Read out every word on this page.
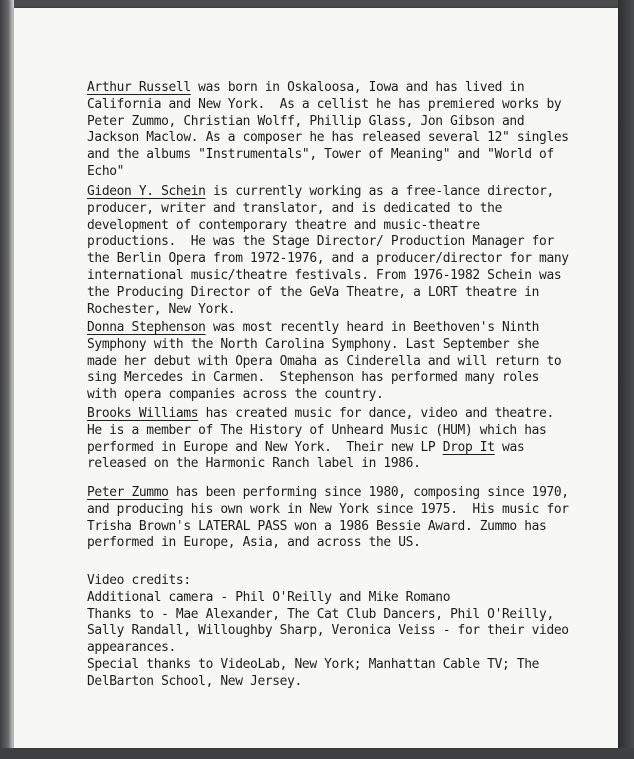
Arthur Russell was born in Oskaloosa, Iowa and has lived in
California and New York.  As a cellist he has premiered works by
Peter Zummo, Christian Wolff, Phillip Glass, Jon Gibson and
Jackson Maclow. As a composer he has released several 12" singles
and the albums "Instrumentals", Tower of Meaning" and "World of
Echo"
Gideon Y. Schein is currently working as a free-lance director,
producer, writer and translator, and is dedicated to the
development of contemporary theatre and music-theatre
productions.  He was the Stage Director/ Production Manager for
the Berlin Opera from 1972-1976, and a producer/director for many
international music/theatre festivals. From 1976-1982 Schein was
the Producing Director of the GeVa Theatre, a LORT theatre in
Rochester, New York.
Donna Stephenson was most recently heard in Beethoven's Ninth
Symphony with the North Carolina Symphony. Last September she
made her debut with Opera Omaha as Cinderella and will return to
sing Mercedes in Carmen.  Stephenson has performed many roles
with opera companies across the country.
Brooks Williams has created music for dance, video and theatre.
He is a member of The History of Unheard Music (HUM) which has
performed in Europe and New York.  Their new LP Drop It was
released on the Harmonic Ranch label in 1986.
Peter Zummo has been performing since 1980, composing since 1970,
and producing his own work in New York since 1975.  His music for
Trisha Brown's LATERAL PASS won a 1986 Bessie Award. Zummo has
performed in Europe, Asia, and across the US.
Video credits:
Additional camera - Phil O'Reilly and Mike Romano
Thanks to - Mae Alexander, The Cat Club Dancers, Phil O'Reilly,
Sally Randall, Willoughby Sharp, Veronica Veiss - for their video
appearances.
Special thanks to VideoLab, New York; Manhattan Cable TV; The
DelBarton School, New Jersey.
